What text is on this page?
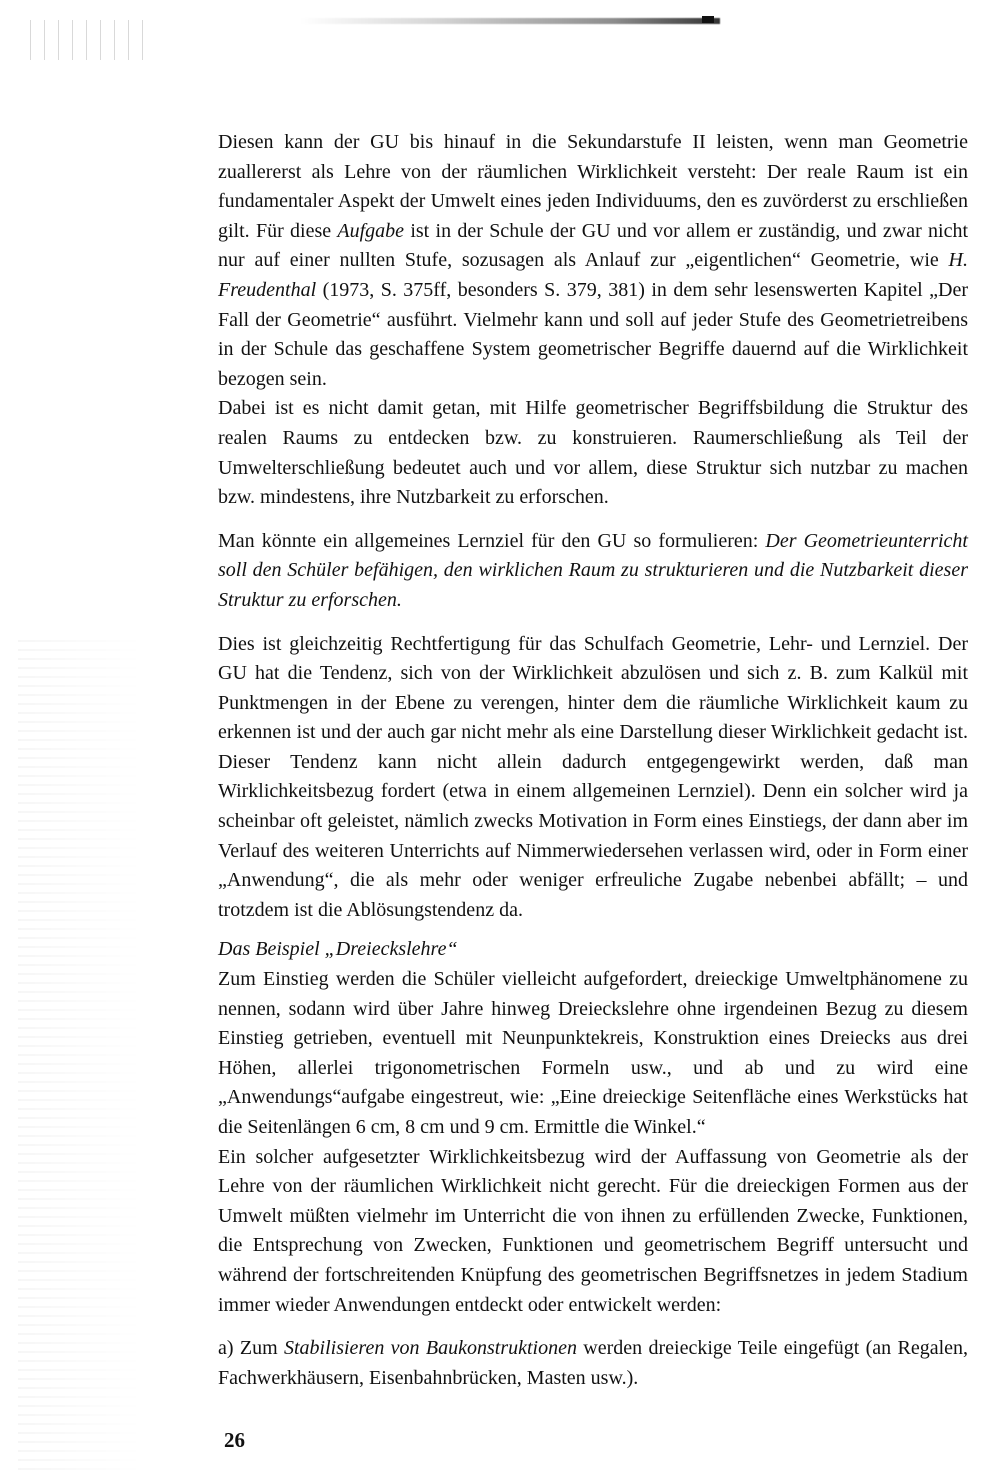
Diesen kann der GU bis hinauf in die Sekundarstufe II leisten, wenn man Geometrie zuallererst als Lehre von der räumlichen Wirklichkeit versteht: Der reale Raum ist ein fundamentaler Aspekt der Umwelt eines jeden Individuums, den es zuvörderst zu erschließen gilt. Für diese Aufgabe ist in der Schule der GU und vor allem er zuständig, und zwar nicht nur auf einer nullten Stufe, sozusagen als Anlauf zur „eigentlichen“ Geometrie, wie H. Freudenthal (1973, S. 375ff, besonders S. 379, 381) in dem sehr lesenswerten Kapitel „Der Fall der Geometrie“ ausführt. Vielmehr kann und soll auf jeder Stufe des Geometrietreibens in der Schule das geschaffene System geometrischer Begriffe dauernd auf die Wirklichkeit bezogen sein.

Dabei ist es nicht damit getan, mit Hilfe geometrischer Begriffsbildung die Struktur des realen Raums zu entdecken bzw. zu konstruieren. Raumerschließung als Teil der Umwelterschließung bedeutet auch und vor allem, diese Struktur sich nutzbar zu machen bzw. mindestens, ihre Nutzbarkeit zu erforschen.

Man könnte ein allgemeines Lernziel für den GU so formulieren: Der Geometrieunterricht soll den Schüler befähigen, den wirklichen Raum zu strukturieren und die Nutzbarkeit dieser Struktur zu erforschen.

Dies ist gleichzeitig Rechtfertigung für das Schulfach Geometrie, Lehr- und Lernziel. Der GU hat die Tendenz, sich von der Wirklichkeit abzulösen und sich z. B. zum Kalkül mit Punktmengen in der Ebene zu verengen, hinter dem die räumliche Wirklichkeit kaum zu erkennen ist und der auch gar nicht mehr als eine Darstellung dieser Wirklichkeit gedacht ist. Dieser Tendenz kann nicht allein dadurch entgegengewirkt werden, daß man Wirklichkeitsbezug fordert (etwa in einem allgemeinen Lernziel). Denn ein solcher wird ja scheinbar oft geleistet, nämlich zwecks Motivation in Form eines Einstiegs, der dann aber im Verlauf des weiteren Unterrichts auf Nimmerwiedersehen verlassen wird, oder in Form einer „Anwendung“, die als mehr oder weniger erfreuliche Zugabe nebenbei abfällt; – und trotzdem ist die Ablösungstendenz da.

Das Beispiel „Dreieckslehre“

Zum Einstieg werden die Schüler vielleicht aufgefordert, dreieckige Umweltphänomene zu nennen, sodann wird über Jahre hinweg Dreieckslehre ohne irgendeinen Bezug zu diesem Einstieg getrieben, eventuell mit Neunpunktekreis, Konstruktion eines Dreiecks aus drei Höhen, allerlei trigonometrischen Formeln usw., und ab und zu wird eine „Anwendungs“aufgabe eingestreut, wie: „Eine dreieckige Seitenfläche eines Werkstücks hat die Seitenlängen 6 cm, 8 cm und 9 cm. Ermittle die Winkel.“

Ein solcher aufgesetzter Wirklichkeitsbezug wird der Auffassung von Geometrie als der Lehre von der räumlichen Wirklichkeit nicht gerecht. Für die dreieckigen Formen aus der Umwelt müßten vielmehr im Unterricht die von ihnen zu erfüllenden Zwecke, Funktionen, die Entsprechung von Zwecken, Funktionen und geometrischem Begriff untersucht und während der fortschreitenden Knüpfung des geometrischen Begriffsnetzes in jedem Stadium immer wieder Anwendungen entdeckt oder entwickelt werden:

a) Zum Stabilisieren von Baukonstruktionen werden dreieckige Teile eingefügt (an Regalen, Fachwerkhäusern, Eisenbahnbrücken, Masten usw.).

26
